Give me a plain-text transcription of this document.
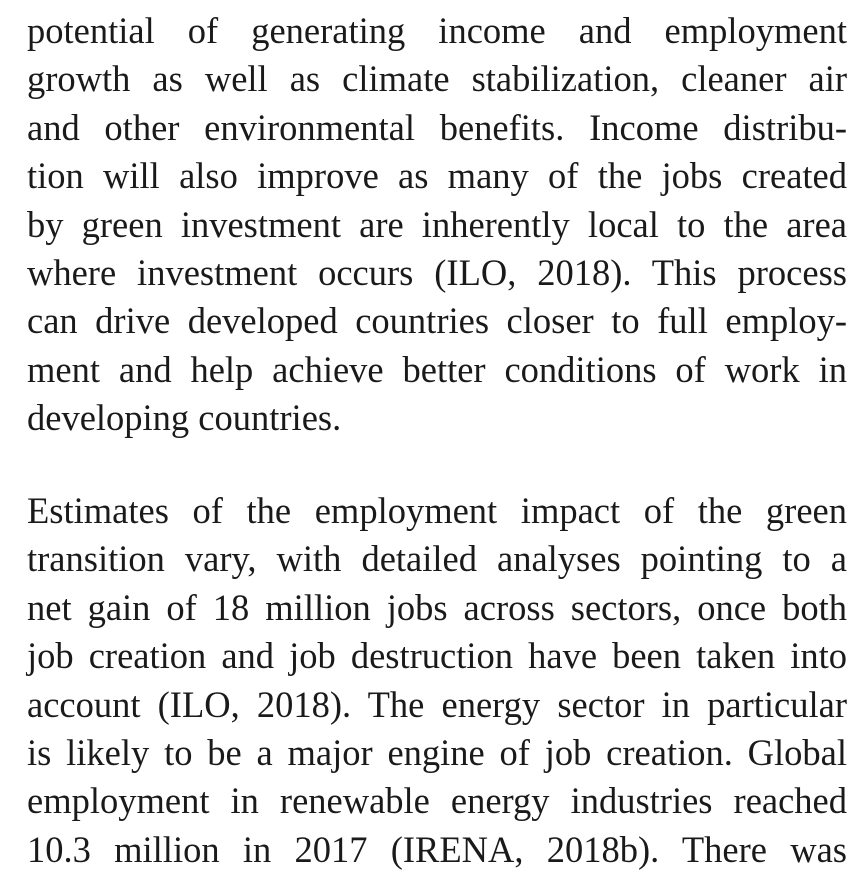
potential of generating income and employment
growth as well as climate stabilization, cleaner air
and other environmental benefits. Income distribu-
tion will also improve as many of the jobs created
by green investment are inherently local to the area
where investment occurs (ILO, 2018). This process
can drive developed countries closer to full employ-
ment and help achieve better conditions of work in
developing countries.
Estimates of the employment impact of the green
transition vary, with detailed analyses pointing to a
net gain of 18 million jobs across sectors, once both
job creation and job destruction have been taken into
account (ILO, 2018). The energy sector in particular
is likely to be a major engine of job creation. Global
employment in renewable energy industries reached
10.3 million in 2017 (IRENA, 2018b). There was
